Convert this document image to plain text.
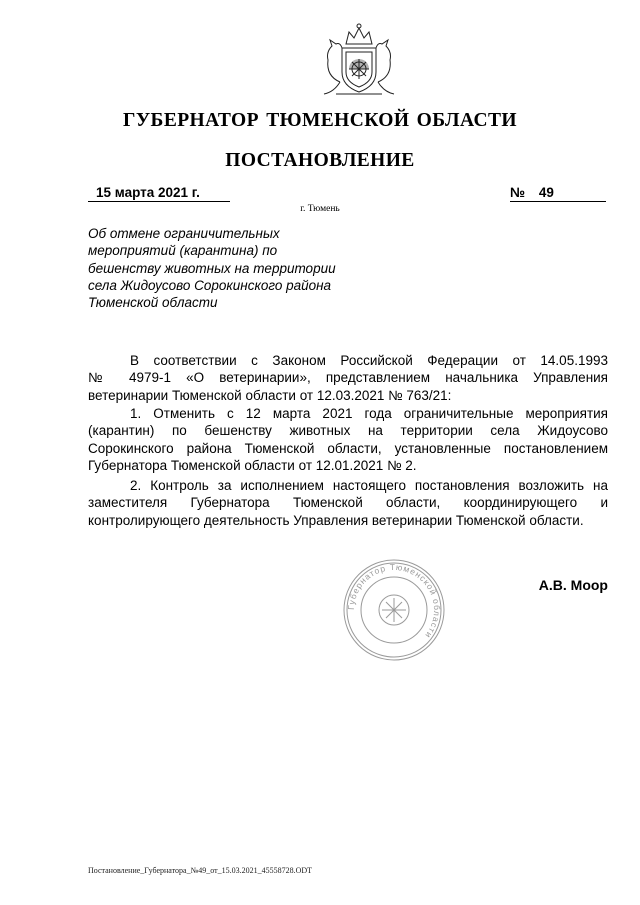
ГУБЕРНАТОР ТЮМЕНСКОЙ ОБЛАСТИ
ПОСТАНОВЛЕНИЕ
15 марта 2021 г.	№ 49
г. Тюмень
Об отмене ограничительных
мероприятий (карантина) по
бешенству животных на территории
села Жидоусово Сорокинского района
Тюменской области
В соответствии с Законом Российской Федерации от 14.05.1993
№ 4979-1 «О ветеринарии», представлением начальника Управления
ветеринарии Тюменской области от 12.03.2021 № 763/21:
1. Отменить с 12 марта 2021 года ограничительные мероприятия
(карантин) по бешенству животных на территории села Жидоусово
Сорокинского района Тюменской области, установленные постановлением
Губернатора Тюменской области от 12.01.2021 № 2.
2. Контроль за исполнением настоящего постановления возложить на
заместителя Губернатора Тюменской области, координирующего и
контролирующего деятельность Управления ветеринарии Тюменской области.
Губернатор Тюменской области
А.В. Моор
Постановление_Губернатора_№49_от_15.03.2021_45558728.ODT
